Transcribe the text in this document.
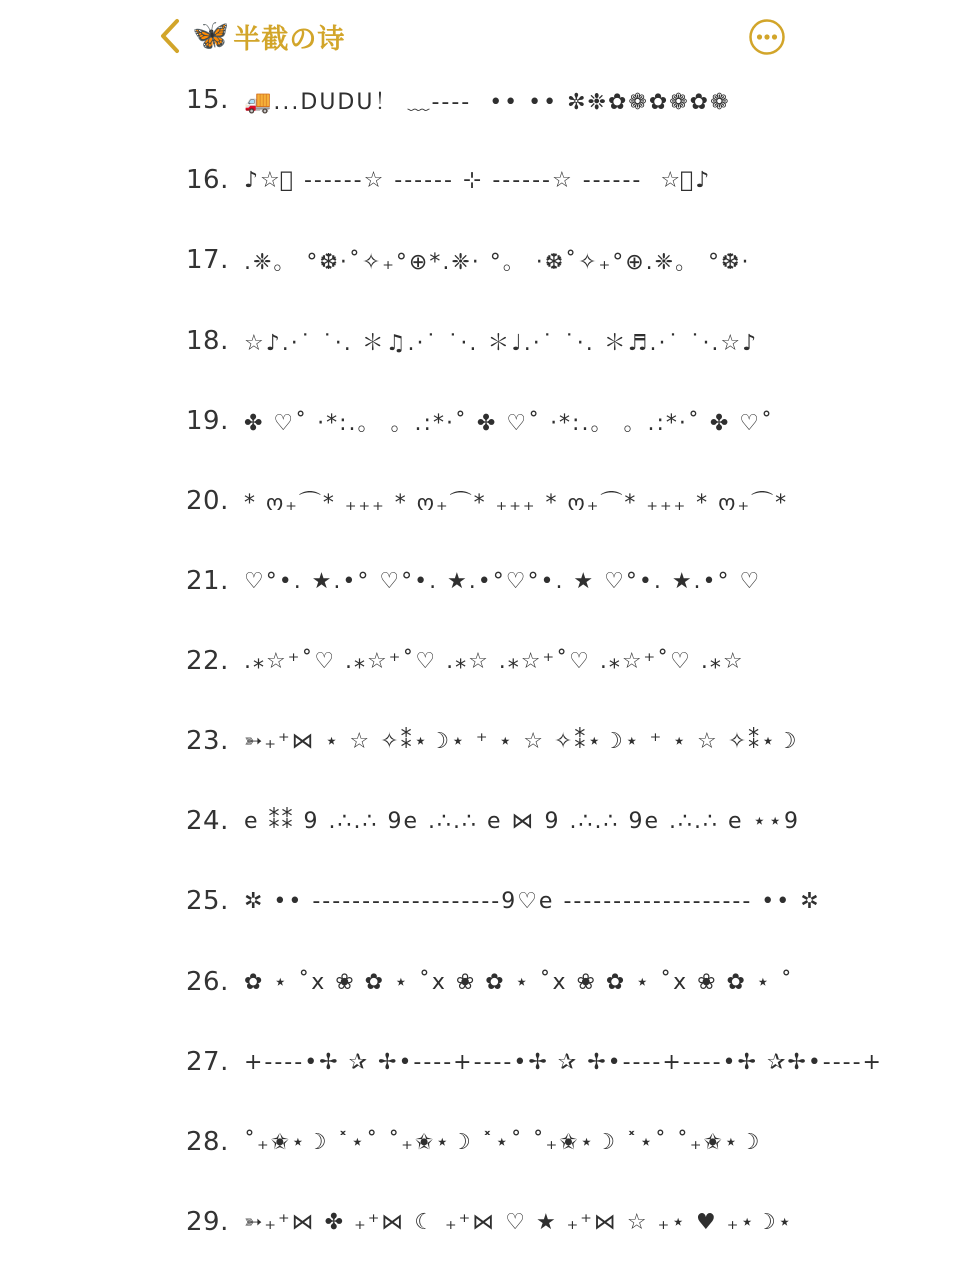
🦋 半截の诗
15. 🚚...DUDU！ ﹏----  •• •• ✼❉✿❁✿❁✿❁
16. ♪☆ﾟ ------☆ ------ ⊹ ------☆ ------  ☆ﾟ♪
17. .❈。 °❆·˚✧₊°⊕*.❈· °。 ·❆˚✧₊°⊕.❈。 °❆·
18. ☆♪.·˙ ˙·. ＊♫.·˙ ˙·. ＊♩.·˙ ˙·. ＊♬.·˙ ˙·.☆♪
19. ✤ ♡˚ ·*:.。 。.:*·˚ ✤ ♡˚ ·*:.。 。.:*·˚ ✤ ♡˚
20. * ო₊⌒* ₊₊₊ * ო₊⌒* ₊₊₊ * ო₊⌒* ₊₊₊ * ო₊⌒*
21. ♡°•. ★.•° ♡°•. ★.•°♡°•. ★ ♡°•. ★.•° ♡
22. .⁎☆⁺˚♡ .⁎☆⁺˚♡ .⁎☆ .⁎☆⁺˚♡ .⁎☆⁺˚♡ .⁎☆
23. ➳₊⁺⋈ ⋆ ☆ ✧⁑⋆☽⋆ ⁺ ⋆ ☆ ✧⁑⋆☽⋆ ⁺ ⋆ ☆ ✧⁑⋆☽
24. e ⁑⁑ 9 .∴.∴ 9e .∴.∴ e ⋈ 9 .∴.∴ 9e .∴.∴ e ⋆⋆9
25. ✲ •• -------------------9♡e ------------------- •• ✲
26. ✿ ⋆ ˚x ❀ ✿ ⋆ ˚x ❀ ✿ ⋆ ˚x ❀ ✿ ⋆ ˚x ❀ ✿ ⋆ ˚
27. +----•✢ ✰ ✢•----+----•✢ ✰ ✢•----+----•✢ ✰✢•----+
28. ˚₊✬⋆☽ ˟⋆˚ ˚₊✬⋆☽ ˟⋆˚ ˚₊✬⋆☽ ˟⋆˚ ˚₊✬⋆☽
29. ➳₊⁺⋈ ✤ ₊⁺⋈ ☾ ₊⁺⋈ ♡ ★ ₊⁺⋈ ☆ ₊⋆ ♥ ₊⋆☽⋆
